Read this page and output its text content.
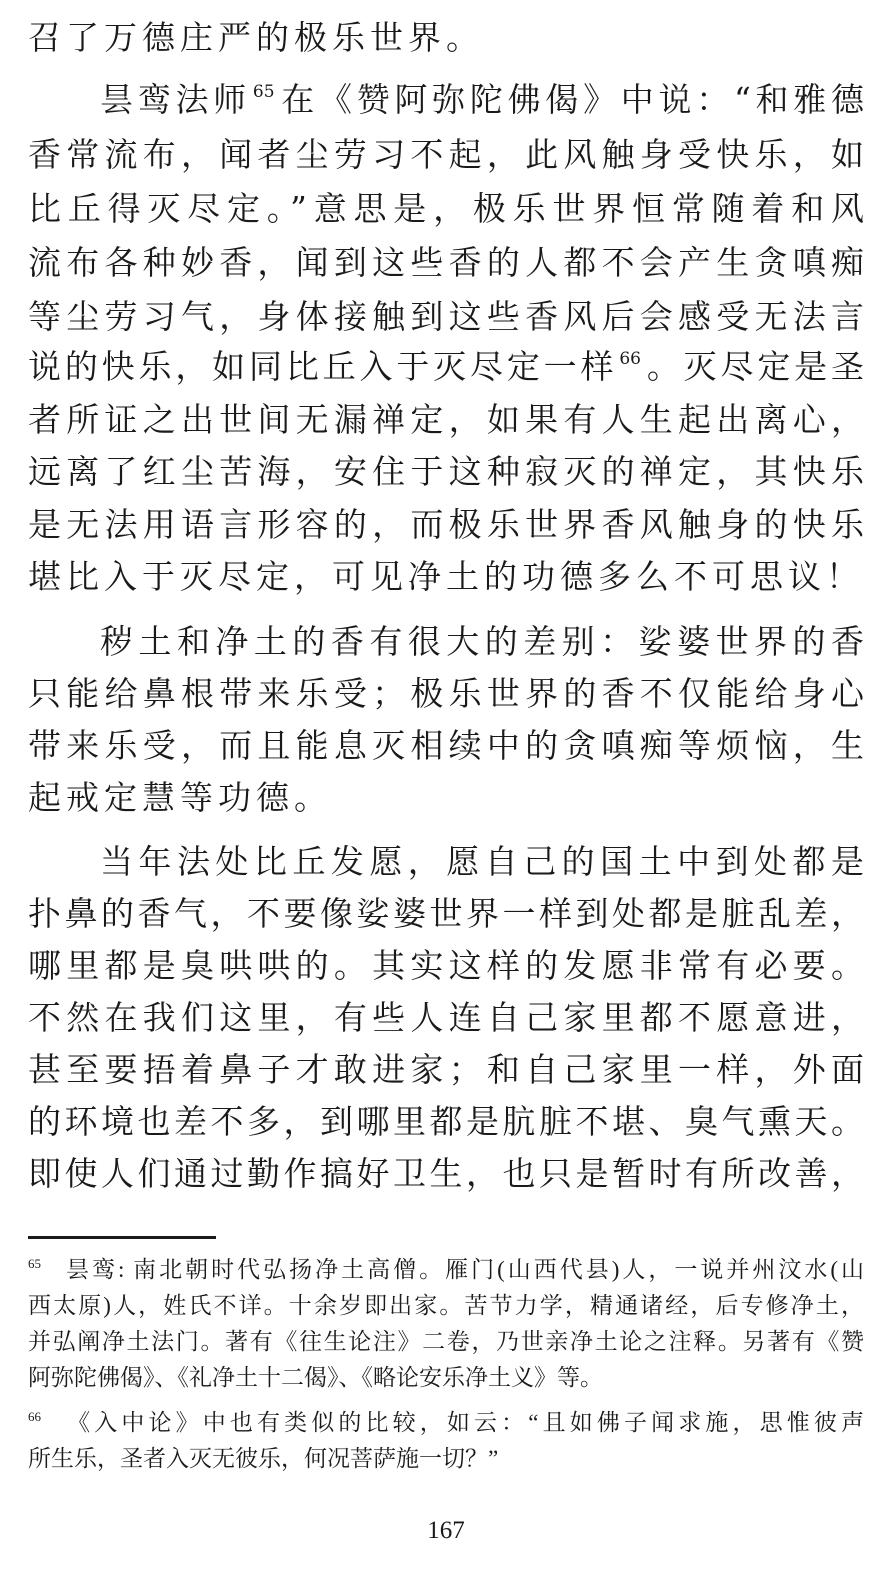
召了万德庄严的极乐世界。
昙鸾法师 $^{65}$在《赞阿弥陀佛偈》中说：“和雅德
香常流布，闻者尘劳习不起，此风触身受快乐，如
比丘得灭尽定。”意思是，极乐世界恒常随着和风
流布各种妙香，闻到这些香的人都不会产生贪嗔痴
等尘劳习气，身体接触到这些香风后会感受无法言
说的快乐，如同比丘入于灭尽定一样 $^{66}$。灭尽定是圣
者所证之出世间无漏禅定，如果有人生起出离心，
远离了红尘苦海，安住于这种寂灭的禅定，其快乐
是无法用语言形容的，而极乐世界香风触身的快乐
堪比入于灭尽定，可见净土的功德多么不可思议！
秽土和净土的香有很大的差别：娑婆世界的香
只能给鼻根带来乐受；极乐世界的香不仅能给身心
带来乐受，而且能息灭相续中的贪嗔痴等烦恼，生
起戒定慧等功德。
当年法处比丘发愿，愿自己的国土中到处都是
扑鼻的香气，不要像娑婆世界一样到处都是脏乱差，
哪里都是臭哄哄的。其实这样的发愿非常有必要。
不然在我们这里，有些人连自己家里都不愿意进，
甚至要捂着鼻子才敢进家；和自己家里一样，外面
的环境也差不多，到哪里都是肮脏不堪、臭气熏天。
即使人们通过勤作搞好卫生，也只是暂时有所改善，
$^{65}$ 昙鸾: 南北朝时代弘扬净土高僧。雁门(山西代县)人，一说并州汶水(山
西太原)人，姓氏不详。十余岁即出家。苦节力学，精通诸经，后专修净土，
并弘阐净土法门。著有《往生论注》二卷，乃世亲净土论之注释。另著有《赞
阿弥陀佛偈》、《礼净土十二偈》、《略论安乐净土义》等。
$^{66}$ 《入中论》中也有类似的比较，如云：“且如佛子闻求施，思惟彼声
所生乐，圣者入灭无彼乐，何况菩萨施一切？”
167
